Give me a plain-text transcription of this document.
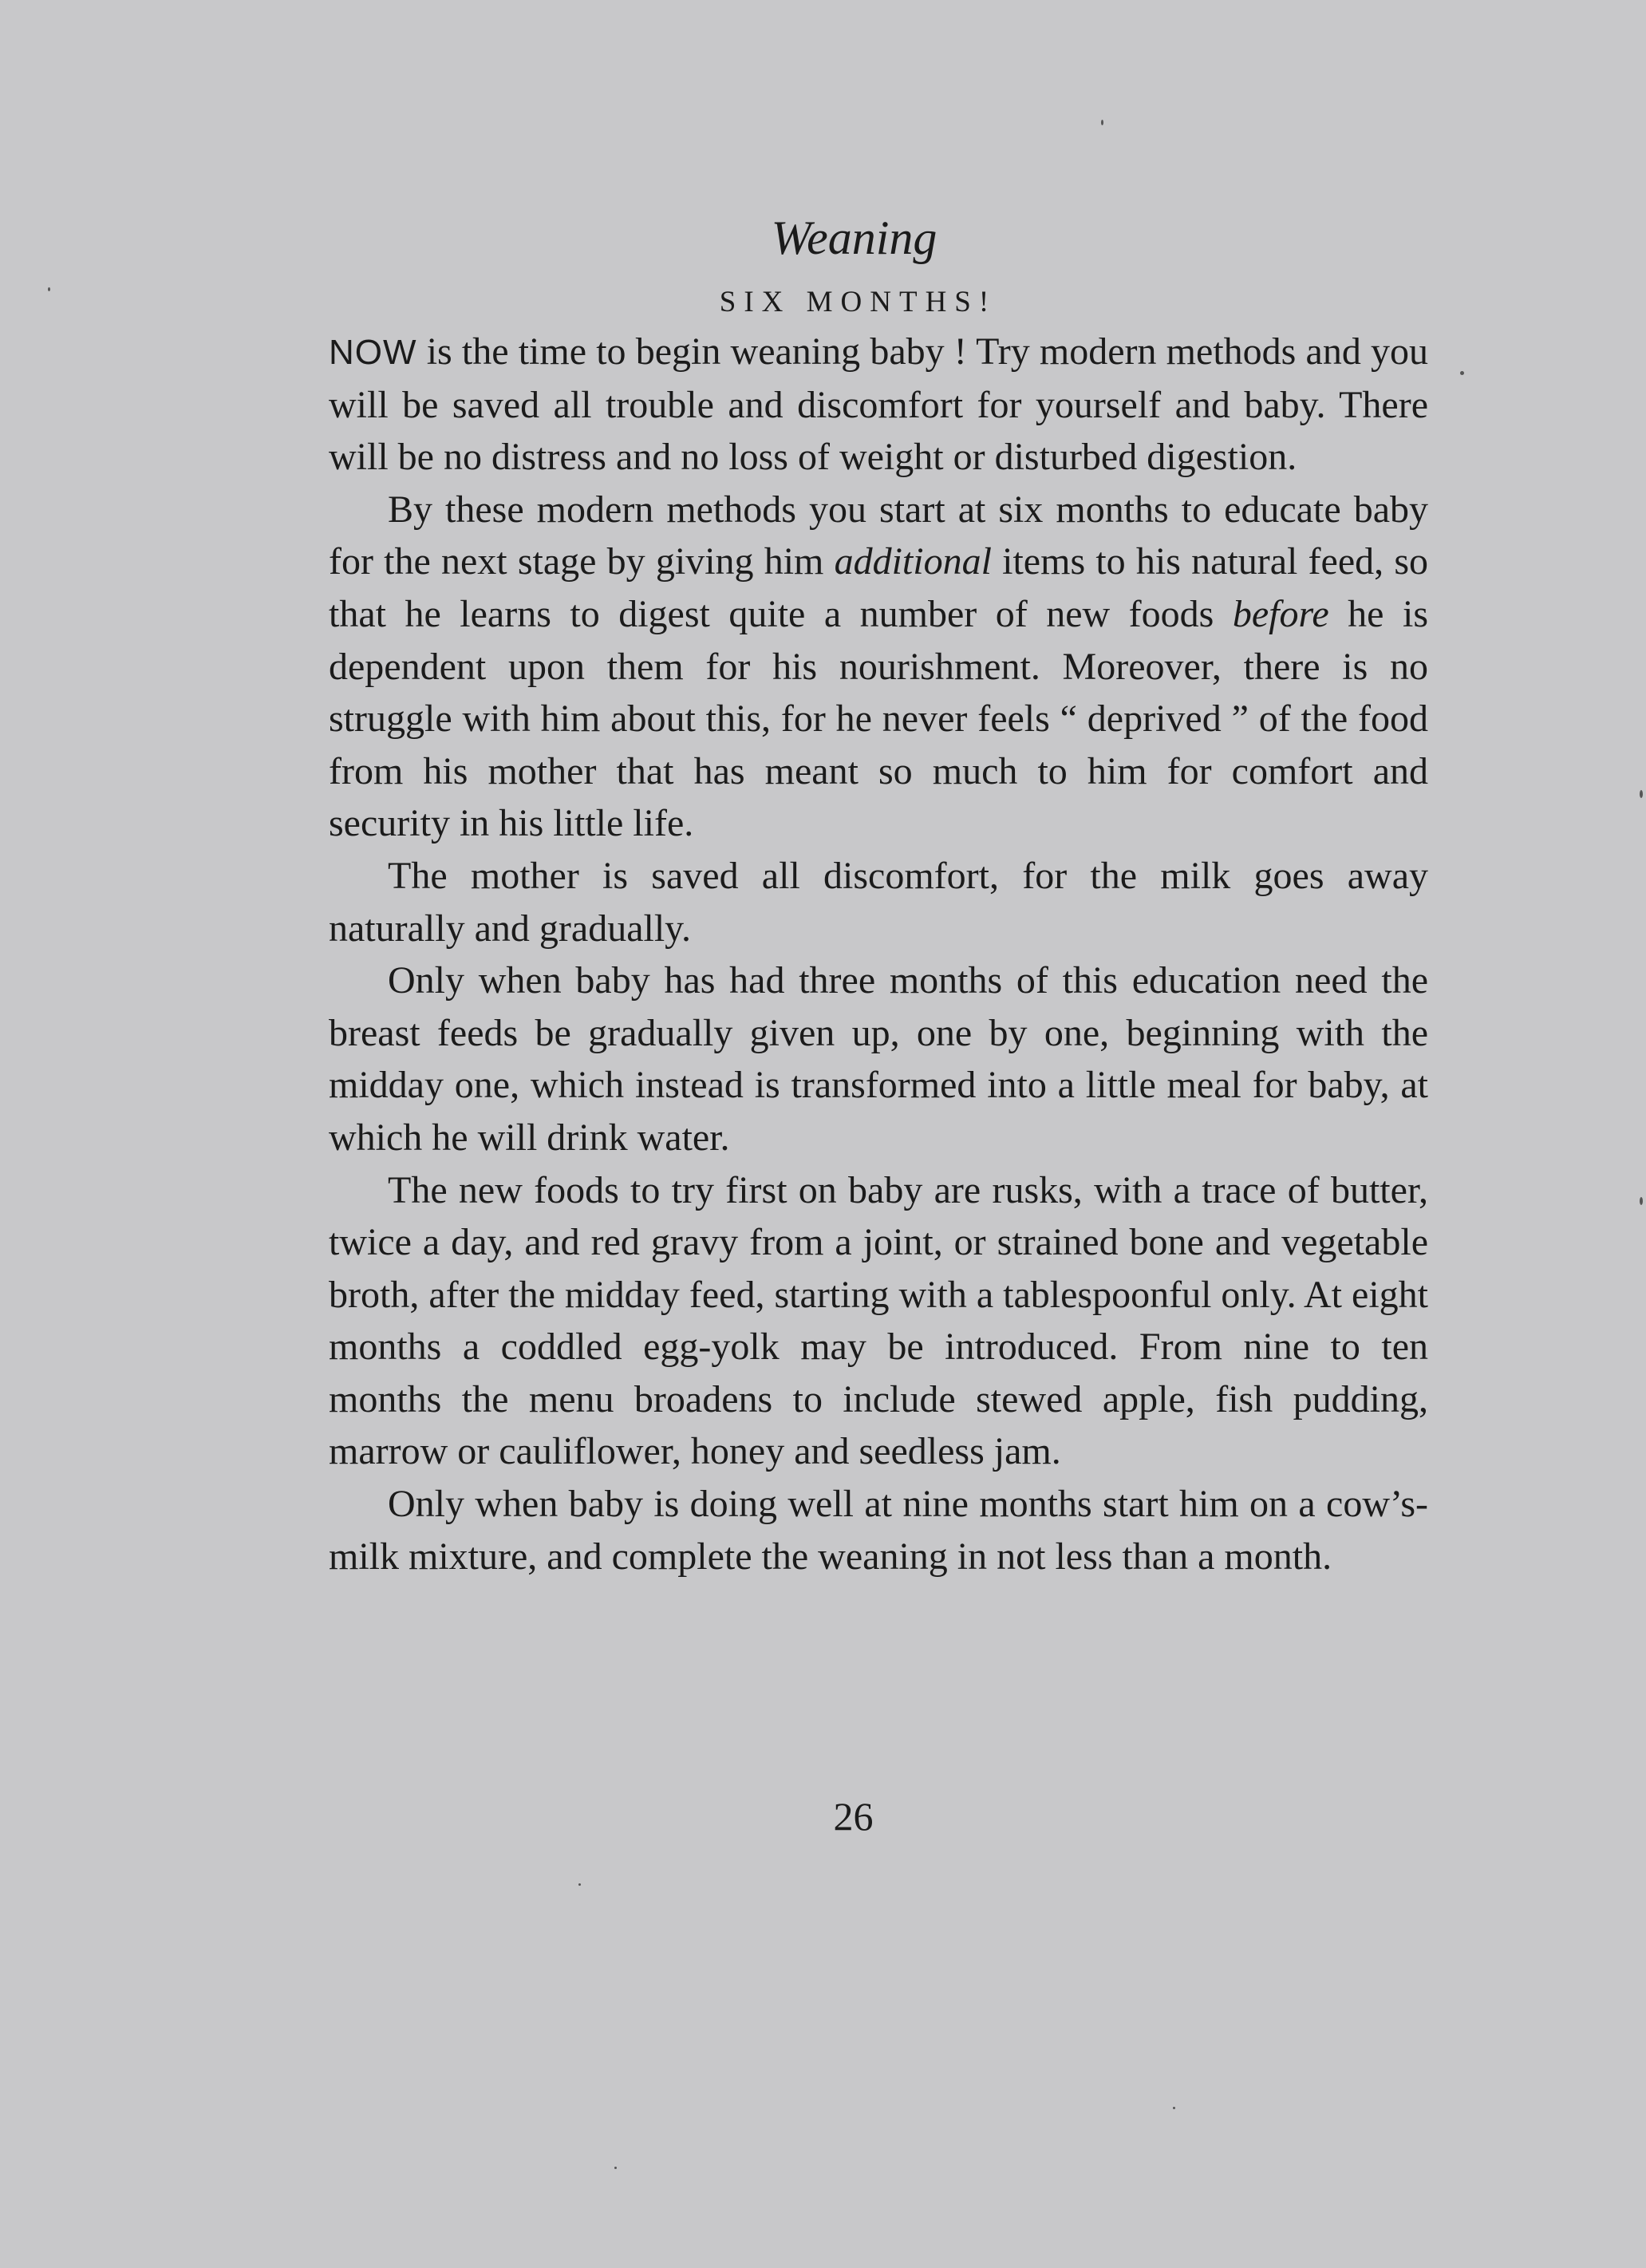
Weaning
SIX MONTHS!

NOW is the time to begin weaning baby ! Try modern methods and you will be saved all trouble and discomfort for yourself and baby. There will be no distress and no loss of weight or disturbed digestion.

By these modern methods you start at six months to educate baby for the next stage by giving him additional items to his natural feed, so that he learns to digest quite a number of new foods before he is dependent upon them for his nourishment. Moreover, there is no struggle with him about this, for he never feels “ deprived ” of the food from his mother that has meant so much to him for comfort and security in his little life.

The mother is saved all discomfort, for the milk goes away naturally and gradually.

Only when baby has had three months of this education need the breast feeds be gradually given up, one by one, beginning with the midday one, which instead is transformed into a little meal for baby, at which he will drink water.

The new foods to try first on baby are rusks, with a trace of butter, twice a day, and red gravy from a joint, or strained bone and vegetable broth, after the midday feed, starting with a tablespoonful only. At eight months a coddled egg-yolk may be introduced. From nine to ten months the menu broadens to include stewed apple, fish pudding, marrow or cauliflower, honey and seedless jam.

Only when baby is doing well at nine months start him on a cow’s-milk mixture, and complete the weaning in not less than a month.

26
